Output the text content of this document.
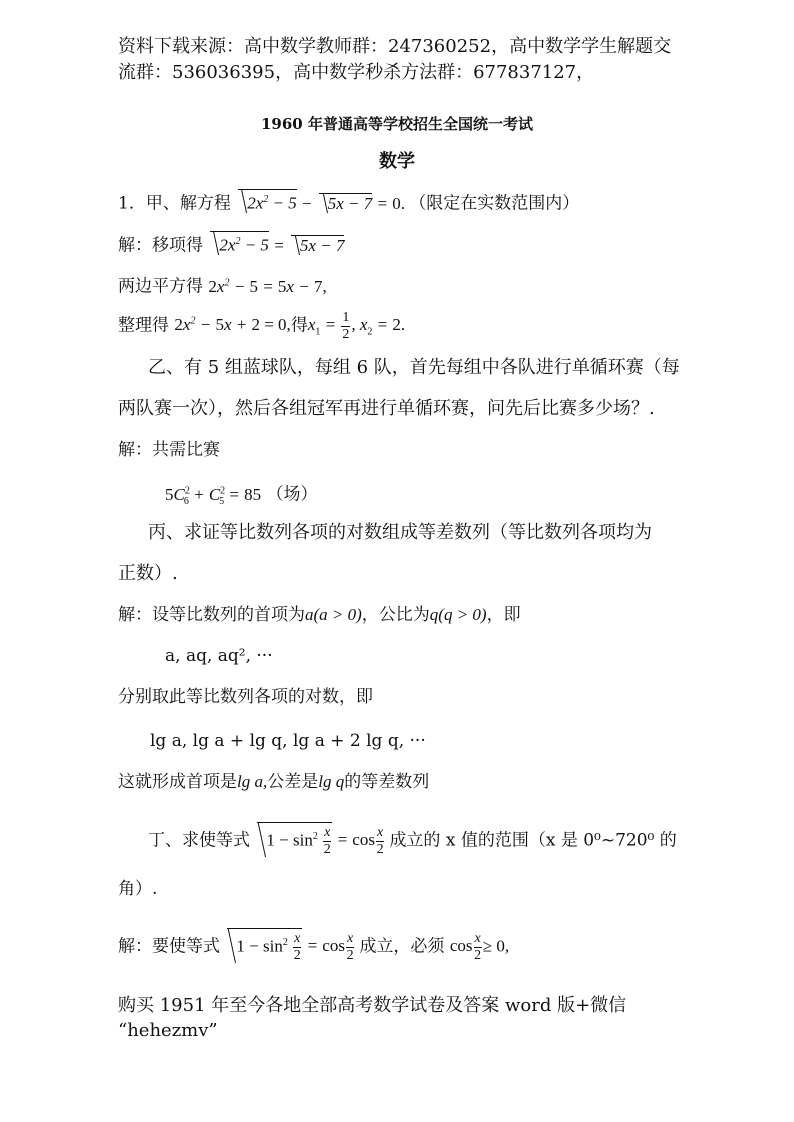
资料下载来源：高中数学教师群：247360252，高中数学学生解题交
流群：536036395，高中数学秒杀方法群：677837127，
1960 年普通高等学校招生全国统一考试
数学
1．甲、解方程 $2x^2 - 5 - 5x - 7 = 0$. （限定在实数范围内）
解：移项得 $2x^2 - 5 = 5x - 7$
两边平方得 $2x^2 - 5 = 5x - 7$,
整理得 $2x^2 - 5x + 2 = 0$,得$x_1 = \frac{1}{2}$ , $x_2 = 2$.
乙、有 5 组蓝球队，每组 6 队，首先每组中各队进行单循环赛（每
两队赛一次），然后各组冠军再进行单循环赛，问先后比赛多少场？.
解：共需比赛
$5C^2_6 + C^2_5 = 85$ （场）
丙、求证等比数列各项的对数组成等差数列（等比数列各项均为
正数）.
解：设等比数列的首项为a(a > 0)，公比为q(q > 0)，即
a, aq, aq², ···
分别取此等比数列各项的对数，即
lg a, lg a + lg q, lg a + 2 lg q, ···
这就形成首项是lg a,公差是lg q的等差数列
丁、求使等式 $1 - \sin^2 \frac{x}{2} = \cos \frac{x}{2}$ 成立的 x 值的范围（x 是 0⁰~720⁰ 的
角）.
解：要使等式 $1 - \sin^2 \frac{x}{2} = \cos \frac{x}{2}$ 成立，必须 $\cos \frac{x}{2} \ge 0$,
购买 1951 年至今各地全部高考数学试卷及答案 word 版+微信
“hehezmv”
